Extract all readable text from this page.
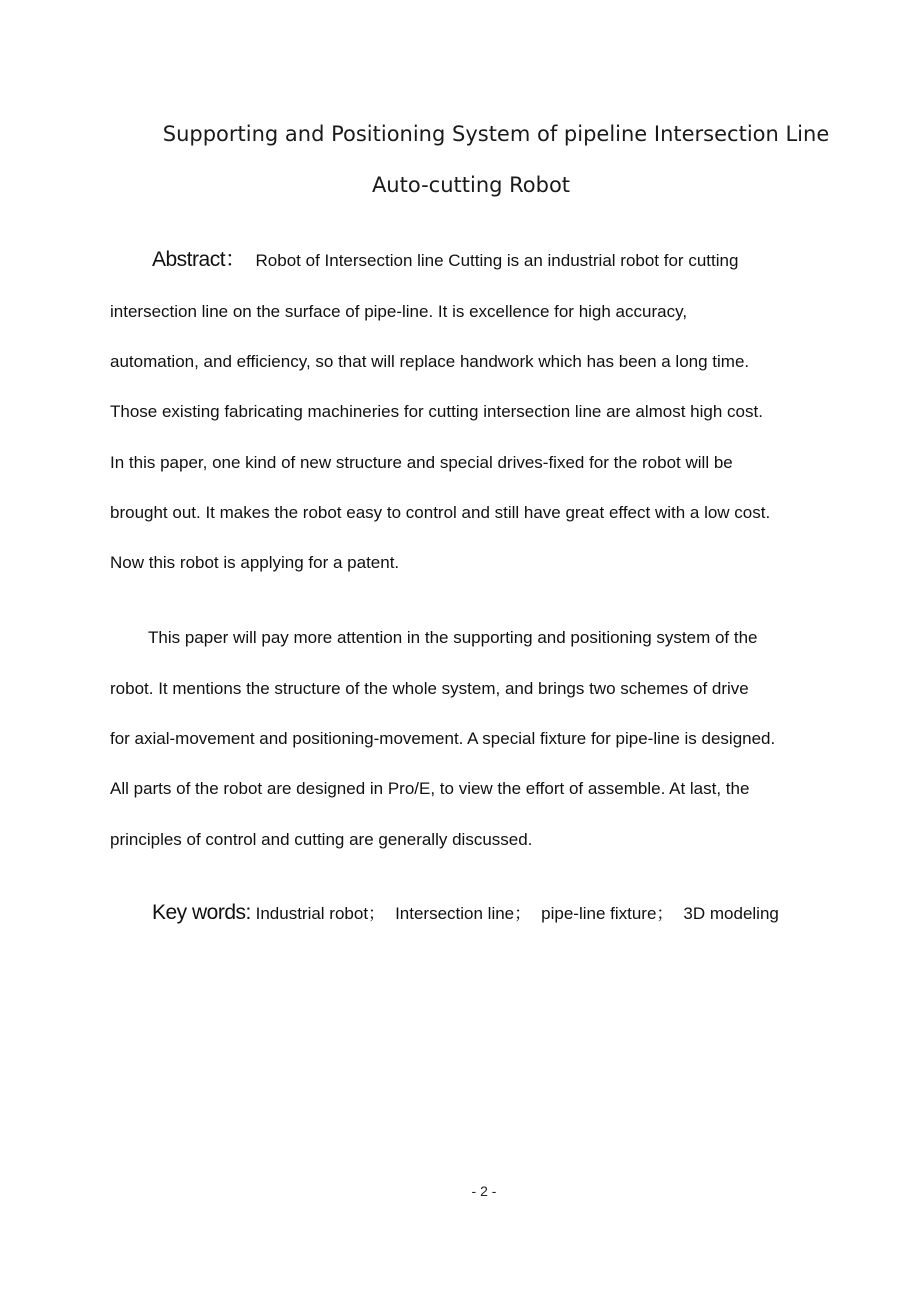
Supporting and Positioning System of pipeline Intersection Line
Auto-cutting Robot
Abstract： Robot of Intersection line Cutting is an industrial robot for cutting
intersection line on the surface of pipe-line. It is excellence for high accuracy,
automation, and efficiency, so that will replace handwork which has been a long time.
Those existing fabricating machineries for cutting intersection line are almost high cost.
In this paper, one kind of new structure and special drives-fixed for the robot will be
brought out. It makes the robot easy to control and still have great effect with a low cost.
Now this robot is applying for a patent.
This paper will pay more attention in the supporting and positioning system of the
robot. It mentions the structure of the whole system, and brings two schemes of drive
for axial-movement and positioning-movement. A special fixture for pipe-line is designed.
All parts of the robot are designed in Pro/E, to view the effort of assemble. At last, the
principles of control and cutting are generally discussed.
Key words: Industrial robot； Intersection line； pipe-line fixture； 3D modeling
- 2 -
